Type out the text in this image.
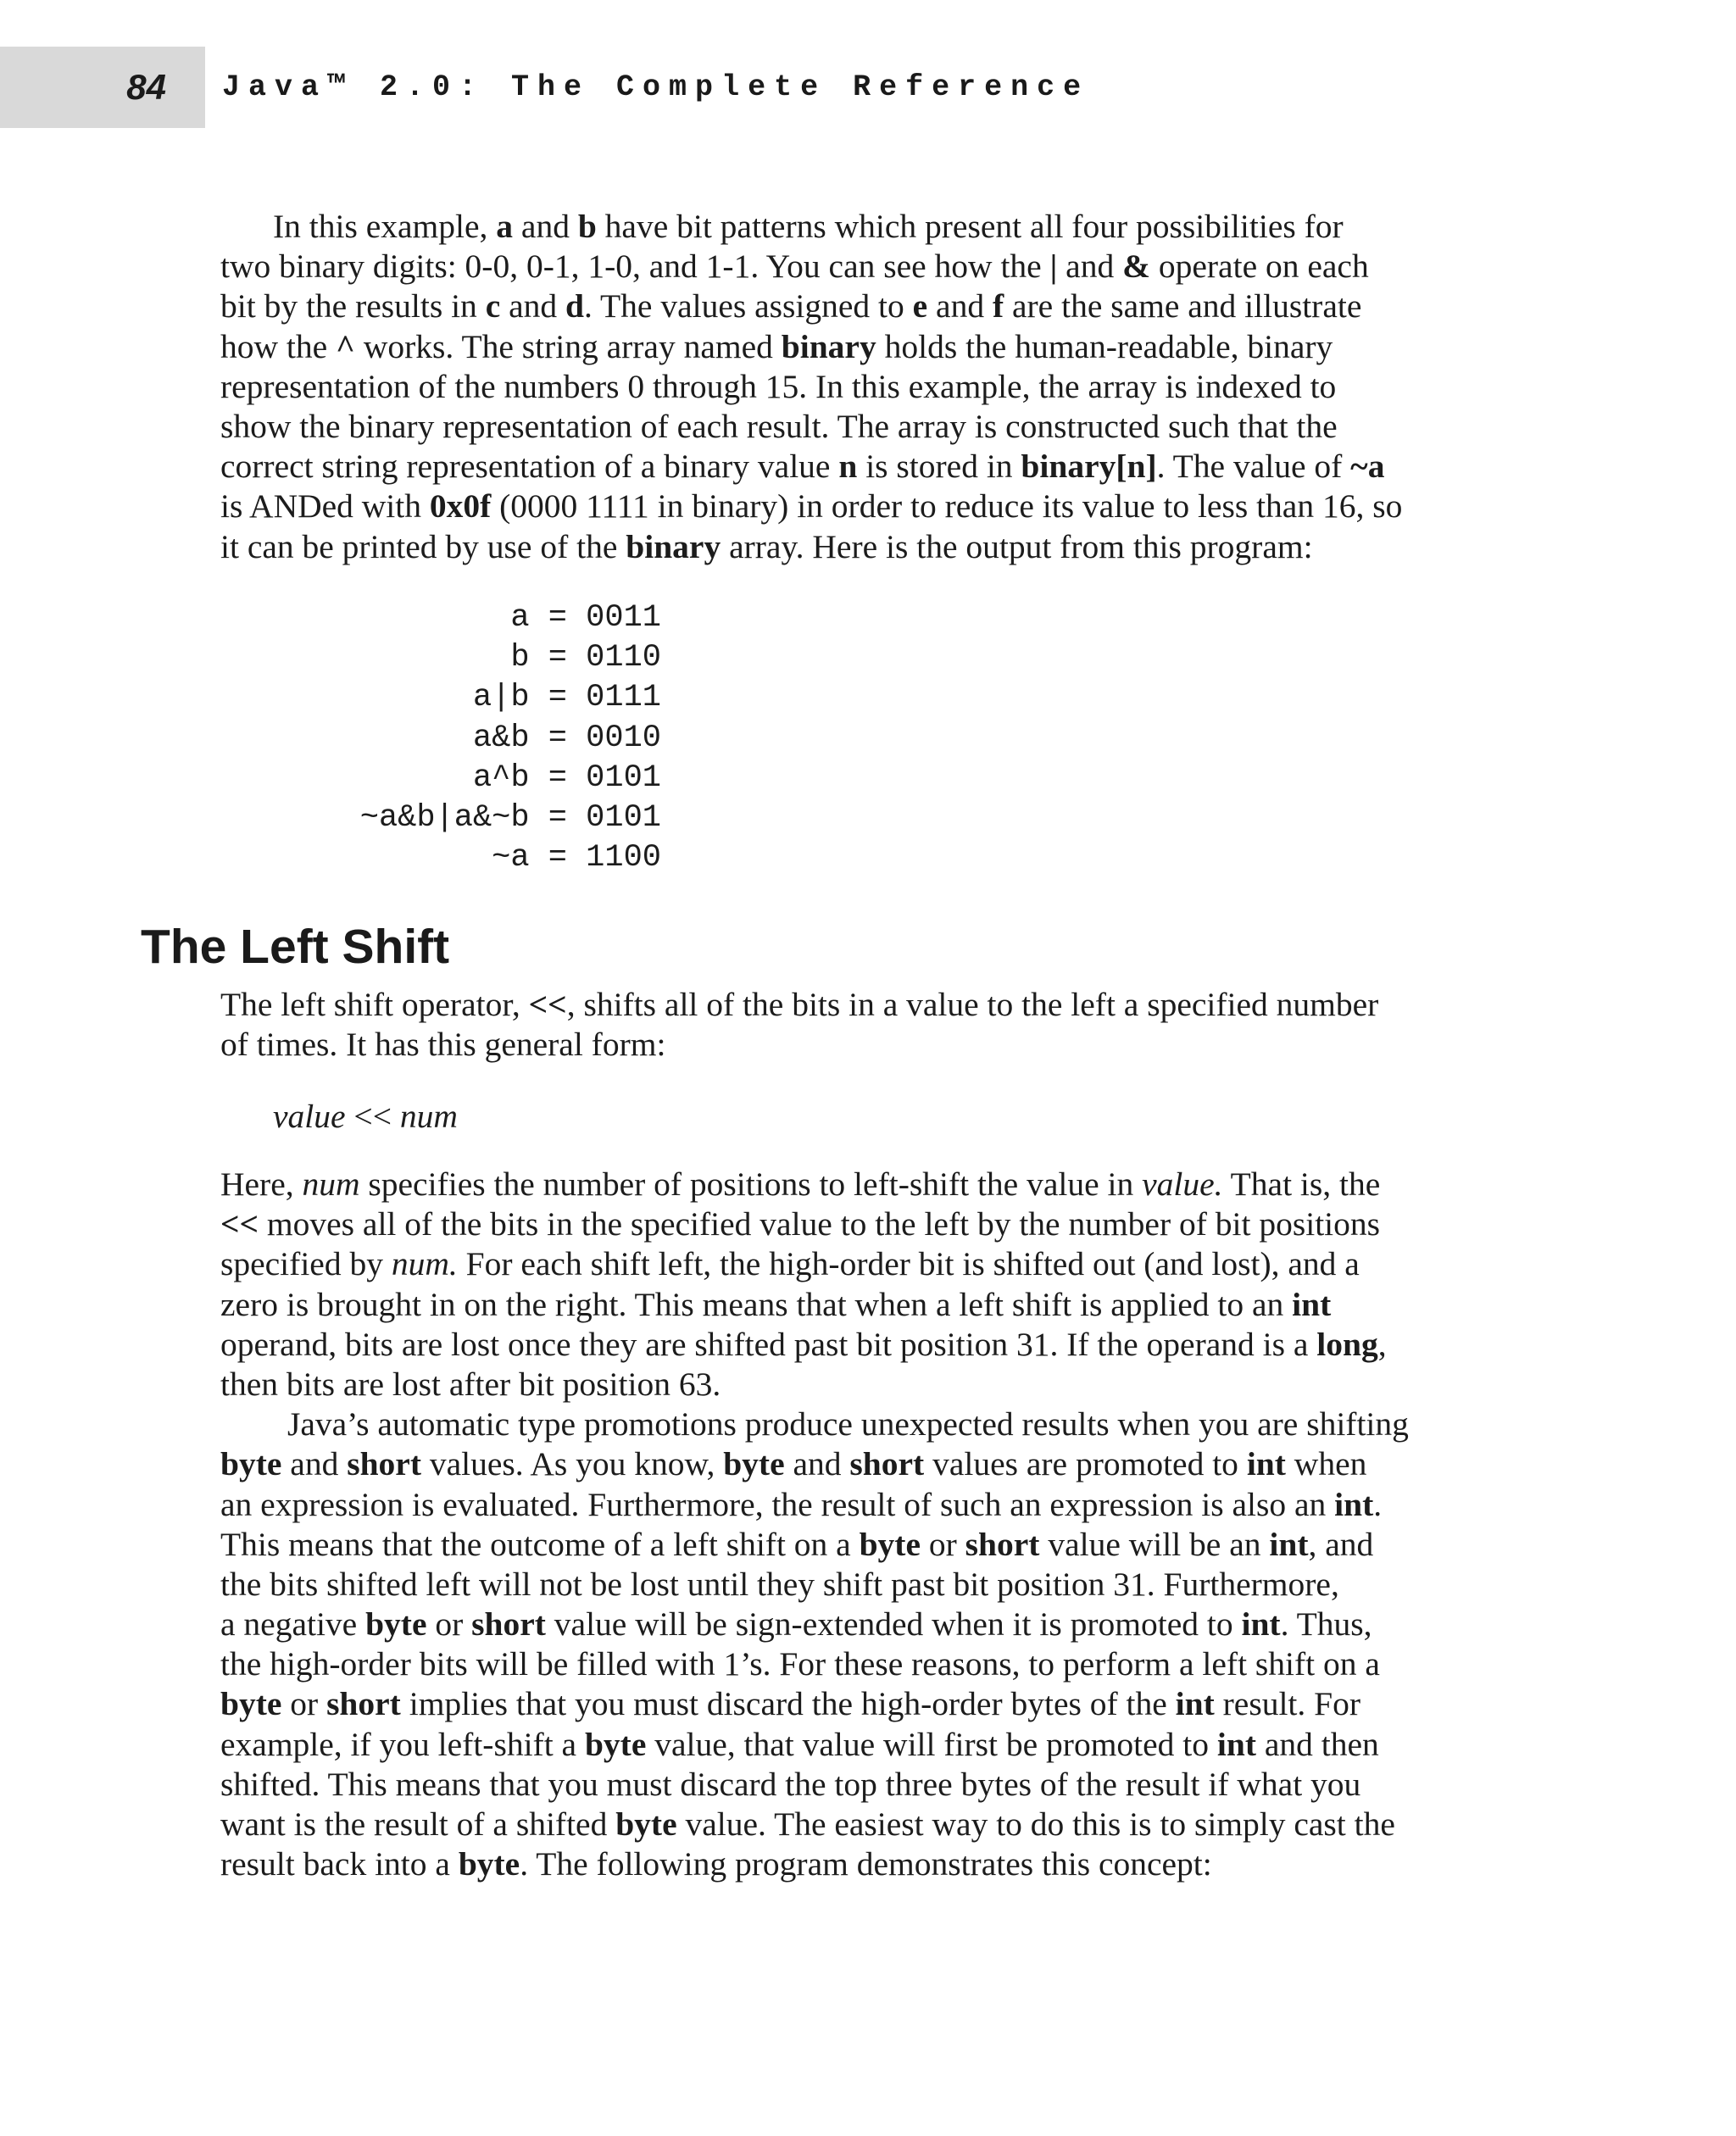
84 Java™ 2.0: The Complete Reference
In this example, a and b have bit patterns which present all four possibilities for
two binary digits: 0-0, 0-1, 1-0, and 1-1. You can see how the | and & operate on each
bit by the results in c and d. The values assigned to e and f are the same and illustrate
how the ^ works. The string array named binary holds the human-readable, binary
representation of the numbers 0 through 15. In this example, the array is indexed to
show the binary representation of each result. The array is constructed such that the
correct string representation of a binary value n is stored in binary[n]. The value of ~a
is ANDed with 0x0f (0000 1111 in binary) in order to reduce its value to less than 16, so
it can be printed by use of the binary array. Here is the output from this program:
a = 0011
b = 0110
a|b = 0111
a&b = 0010
a^b = 0101
~a&b|a&~b = 0101
~a = 1100
The Left Shift
The left shift operator, <<, shifts all of the bits in a value to the left a specified number
of times. It has this general form:
value << num
Here, num specifies the number of positions to left-shift the value in value. That is, the
<< moves all of the bits in the specified value to the left by the number of bit positions
specified by num. For each shift left, the high-order bit is shifted out (and lost), and a
zero is brought in on the right. This means that when a left shift is applied to an int
operand, bits are lost once they are shifted past bit position 31. If the operand is a long,
then bits are lost after bit position 63.
Java’s automatic type promotions produce unexpected results when you are shifting
byte and short values. As you know, byte and short values are promoted to int when
an expression is evaluated. Furthermore, the result of such an expression is also an int.
This means that the outcome of a left shift on a byte or short value will be an int, and
the bits shifted left will not be lost until they shift past bit position 31. Furthermore,
a negative byte or short value will be sign-extended when it is promoted to int. Thus,
the high-order bits will be filled with 1’s. For these reasons, to perform a left shift on a
byte or short implies that you must discard the high-order bytes of the int result. For
example, if you left-shift a byte value, that value will first be promoted to int and then
shifted. This means that you must discard the top three bytes of the result if what you
want is the result of a shifted byte value. The easiest way to do this is to simply cast the
result back into a byte. The following program demonstrates this concept:
